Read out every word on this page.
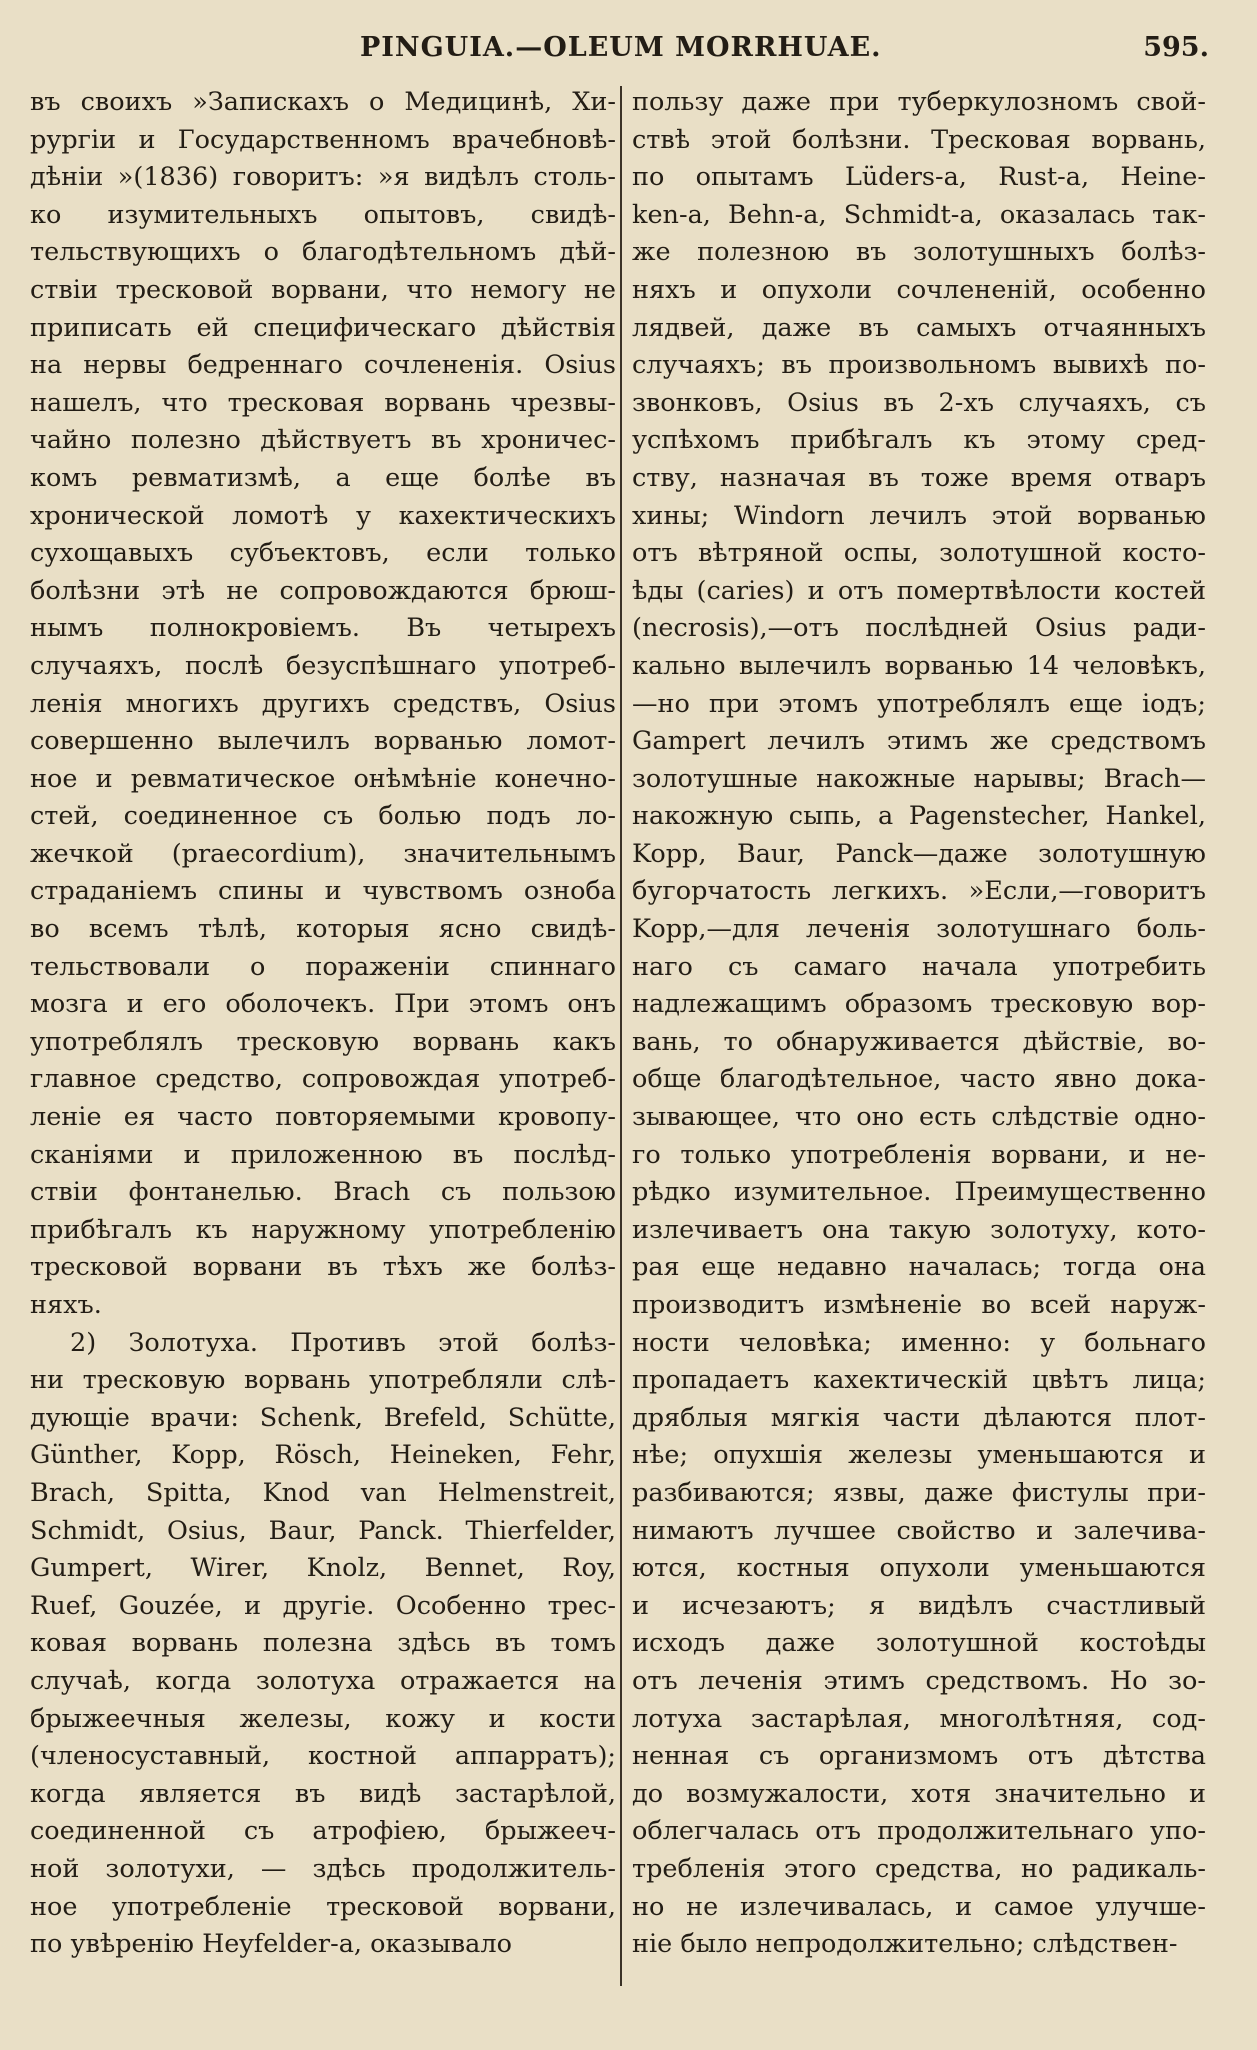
PINGUIA.—OLEUM MORRHUAE.	595.
въ своихъ »Запискахъ о Медицинѣ, Хи-
рургіи и Государственномъ врачебновѣ-
дѣніи »(1836) говоритъ: »я видѣлъ столь-
ко изумительныхъ опытовъ, свидѣ-
тельствующихъ о благодѣтельномъ дѣй-
ствіи тресковой ворвани, что немогу не
приписать ей специфическаго дѣйствія
на нервы бедреннаго сочлененія. Osius
нашелъ, что тресковая ворвань чрезвы-
чайно полезно дѣйствуетъ въ хроничес-
комъ ревматизмѣ, а еще болѣе въ
хронической ломотѣ у кахектическихъ
сухощавыхъ субъектовъ, если только
болѣзни этѣ не сопровождаются брюш-
нымъ полнокровіемъ. Въ четырехъ
случаяхъ, послѣ безуспѣшнаго употреб-
ленія многихъ другихъ средствъ, Osius
совершенно вылечилъ ворванью ломот-
ное и ревматическое онѣмѣніе конечно-
стей, соединенное съ болью подъ ло-
жечкой (praecordium), значительнымъ
страданіемъ спины и чувствомъ озноба
во всемъ тѣлѣ, которыя ясно свидѣ-
тельствовали о пораженіи спиннаго
мозга и его оболочекъ. При этомъ онъ
употреблялъ тресковую ворвань какъ
главное средство, сопровождая употреб-
леніе ея часто повторяемыми кровопу-
сканіями и приложенною въ послѣд-
ствіи фонтанелью. Brach съ пользою
прибѣгалъ къ наружному употребленію
тресковой ворвани въ тѣхъ же болѣз-
няхъ.
2) Золотуха. Противъ этой болѣз-
ни тресковую ворвань употребляли слѣ-
дующіе врачи: Schenk, Brefeld, Schütte,
Günther, Kopp, Rösch, Heineken, Fehr,
Brach, Spitta, Knod van Helmenstreit,
Schmidt, Osius, Baur, Panck. Thierfelder,
Gumpert, Wirer, Knolz, Bennet, Roy,
Ruef, Gouzée, и другіе. Особенно трес-
ковая ворвань полезна здѣсь въ томъ
случаѣ, когда золотуха отражается на
брыжеечныя железы, кожу и кости
(членосуставный, костной аппарратъ);
когда является въ видѣ застарѣлой,
соединенной съ атрофіею, брыжееч-
ной золотухи, — здѣсь продолжитель-
ное употребленіе тресковой ворвани,
по увѣренію Heyfelder-а, оказывало
пользу даже при туберкулозномъ свой-
ствѣ этой болѣзни. Тресковая ворвань,
по опытамъ Lüders-a, Rust-a, Heine-
ken-a, Behn-a, Schmidt-a, оказалась так-
же полезною въ золотушныхъ болѣз-
няхъ и опухоли сочлененій, особенно
лядвей, даже въ самыхъ отчаянныхъ
случаяхъ; въ произвольномъ вывихѣ по-
звонковъ, Osius въ 2-хъ случаяхъ, съ
успѣхомъ прибѣгалъ къ этому сред-
ству, назначая въ тоже время отваръ
хины; Windorn лечилъ этой ворванью
отъ вѣтряной оспы, золотушной косто-
ѣды (caries) и отъ помертвѣлости костей
(necrosis),—отъ послѣдней Osius ради-
кально вылечилъ ворванью 14 человѣкъ,
—но при этомъ употреблялъ еще іодъ;
Gampert лечилъ этимъ же средствомъ
золотушные накожные нарывы; Brach—
накожную сыпь, а Pagenstecher, Hankel,
Kopp, Baur, Panck—даже золотушную
бугорчатость легкихъ. »Если,—говоритъ
Kopp,—для леченія золотушнаго боль-
наго съ самаго начала употребить
надлежащимъ образомъ тресковую вор-
вань, то обнаруживается дѣйствіе, во-
обще благодѣтельное, часто явно дока-
зывающее, что оно есть слѣдствіе одно-
го только употребленія ворвани, и не-
рѣдко изумительное. Преимущественно
излечиваетъ она такую золотуху, кото-
рая еще недавно началась; тогда она
производитъ измѣненіе во всей наруж-
ности человѣка; именно: у больнаго
пропадаетъ кахектическій цвѣтъ лица;
дряблыя мягкія части дѣлаются плот-
нѣе; опухшія железы уменьшаются и
разбиваются; язвы, даже фистулы при-
нимаютъ лучшее свойство и залечива-
ются, костныя опухоли уменьшаются
и исчезаютъ; я видѣлъ счастливый
исходъ даже золотушной костоѣды
отъ леченія этимъ средствомъ. Но зо-
лотуха застарѣлая, многолѣтняя, сод-
ненная съ организмомъ отъ дѣтства
до возмужалости, хотя значительно и
облегчалась отъ продолжительнаго упо-
требленія этого средства, но радикаль-
но не излечивалась, и самое улучше-
ніе было непродолжительно; слѣдствен-
